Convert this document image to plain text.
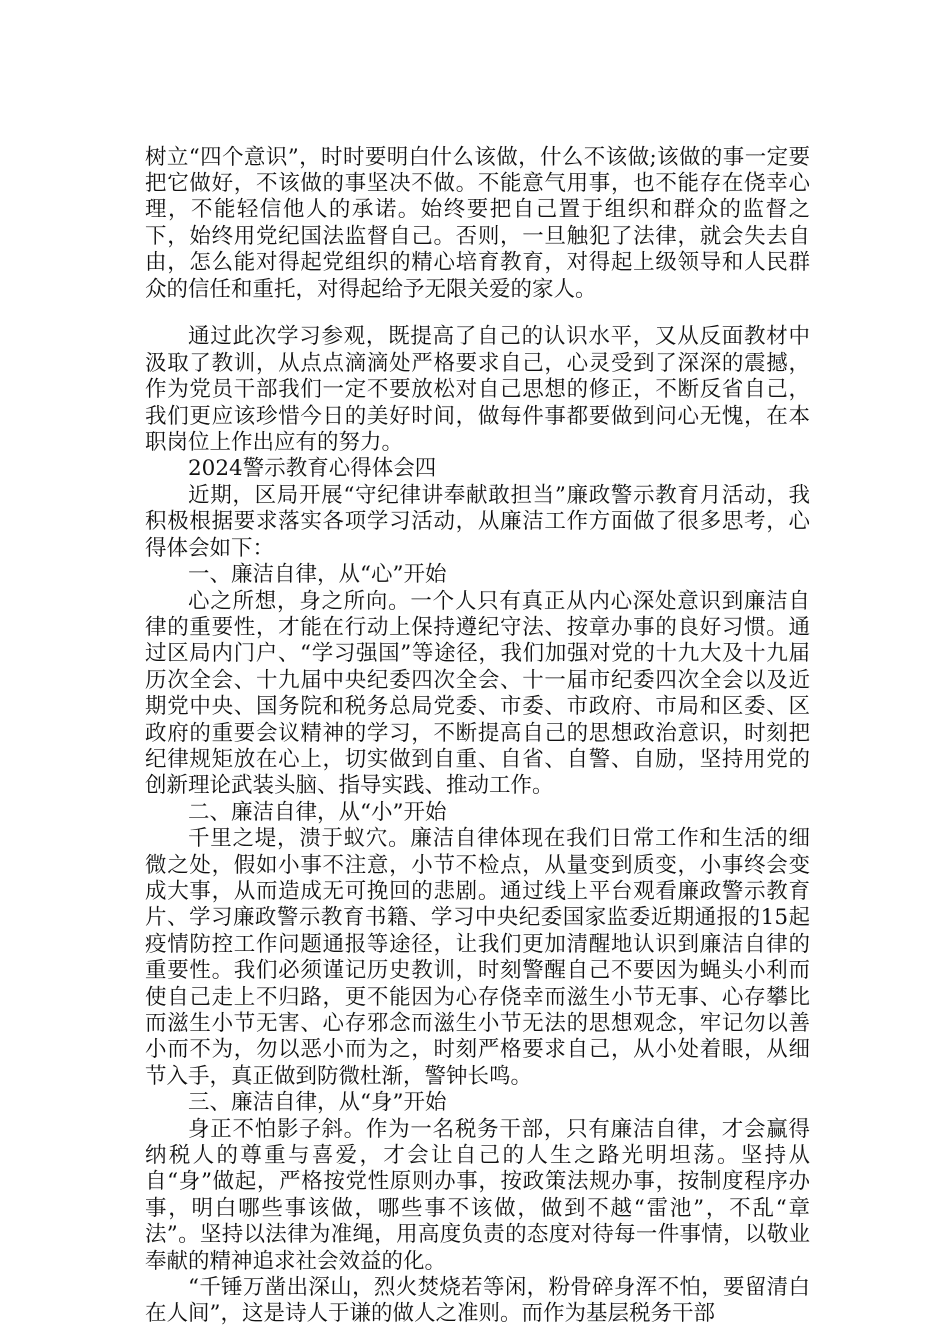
树立“四个意识”，时时要明白什么该做，什么不该做;该做的事一定要把它做好，不该做的事坚决不做。不能意气用事，也不能存在侥幸心理，不能轻信他人的承诺。始终要把自己置于组织和群众的监督之下，始终用党纪国法监督自己。否则，一旦触犯了法律，就会失去自由，怎么能对得起党组织的精心培育教育，对得起上级领导和人民群众的信任和重托，对得起给予无限关爱的家人。

通过此次学习参观，既提高了自己的认识水平，又从反面教材中汲取了教训，从点点滴滴处严格要求自己，心灵受到了深深的震撼，作为党员干部我们一定不要放松对自己思想的修正，不断反省自己，我们更应该珍惜今日的美好时间，做每件事都要做到问心无愧，在本职岗位上作出应有的努力。

2024警示教育心得体会四

近期，区局开展“守纪律讲奉献敢担当”廉政警示教育月活动，我积极根据要求落实各项学习活动，从廉洁工作方面做了很多思考，心得体会如下：

一、廉洁自律，从“心”开始

心之所想，身之所向。一个人只有真正从内心深处意识到廉洁自律的重要性，才能在行动上保持遵纪守法、按章办事的良好习惯。通过区局内门户、“学习强国”等途径，我们加强对党的十九大及十九届历次全会、十九届中央纪委四次全会、十一届市纪委四次全会以及近期党中央、国务院和税务总局党委、市委、市政府、市局和区委、区政府的重要会议精神的学习，不断提高自己的思想政治意识，时刻把纪律规矩放在心上，切实做到自重、自省、自警、自励，坚持用党的创新理论武装头脑、指导实践、推动工作。

二、廉洁自律，从“小”开始

千里之堤，溃于蚁穴。廉洁自律体现在我们日常工作和生活的细微之处，假如小事不注意，小节不检点，从量变到质变，小事终会变成大事，从而造成无可挽回的悲剧。通过线上平台观看廉政警示教育片、学习廉政警示教育书籍、学习中央纪委国家监委近期通报的15起疫情防控工作问题通报等途径，让我们更加清醒地认识到廉洁自律的重要性。我们必须谨记历史教训，时刻警醒自己不要因为蝇头小利而使自己走上不归路，更不能因为心存侥幸而滋生小节无事、心存攀比而滋生小节无害、心存邪念而滋生小节无法的思想观念，牢记勿以善小而不为，勿以恶小而为之，时刻严格要求自己，从小处着眼，从细节入手，真正做到防微杜渐，警钟长鸣。

三、廉洁自律，从“身”开始

身正不怕影子斜。作为一名税务干部，只有廉洁自律，才会赢得纳税人的尊重与喜爱，才会让自己的人生之路光明坦荡。坚持从自“身”做起，严格按党性原则办事，按政策法规办事，按制度程序办事，明白哪些事该做，哪些事不该做，做到不越“雷池”，不乱“章法”。坚持以法律为准绳，用高度负责的态度对待每一件事情，以敬业奉献的精神追求社会效益的化。

“千锤万凿出深山，烈火焚烧若等闲，粉骨碎身浑不怕，要留清白在人间”，这是诗人于谦的做人之准则。而作为基层税务干部
